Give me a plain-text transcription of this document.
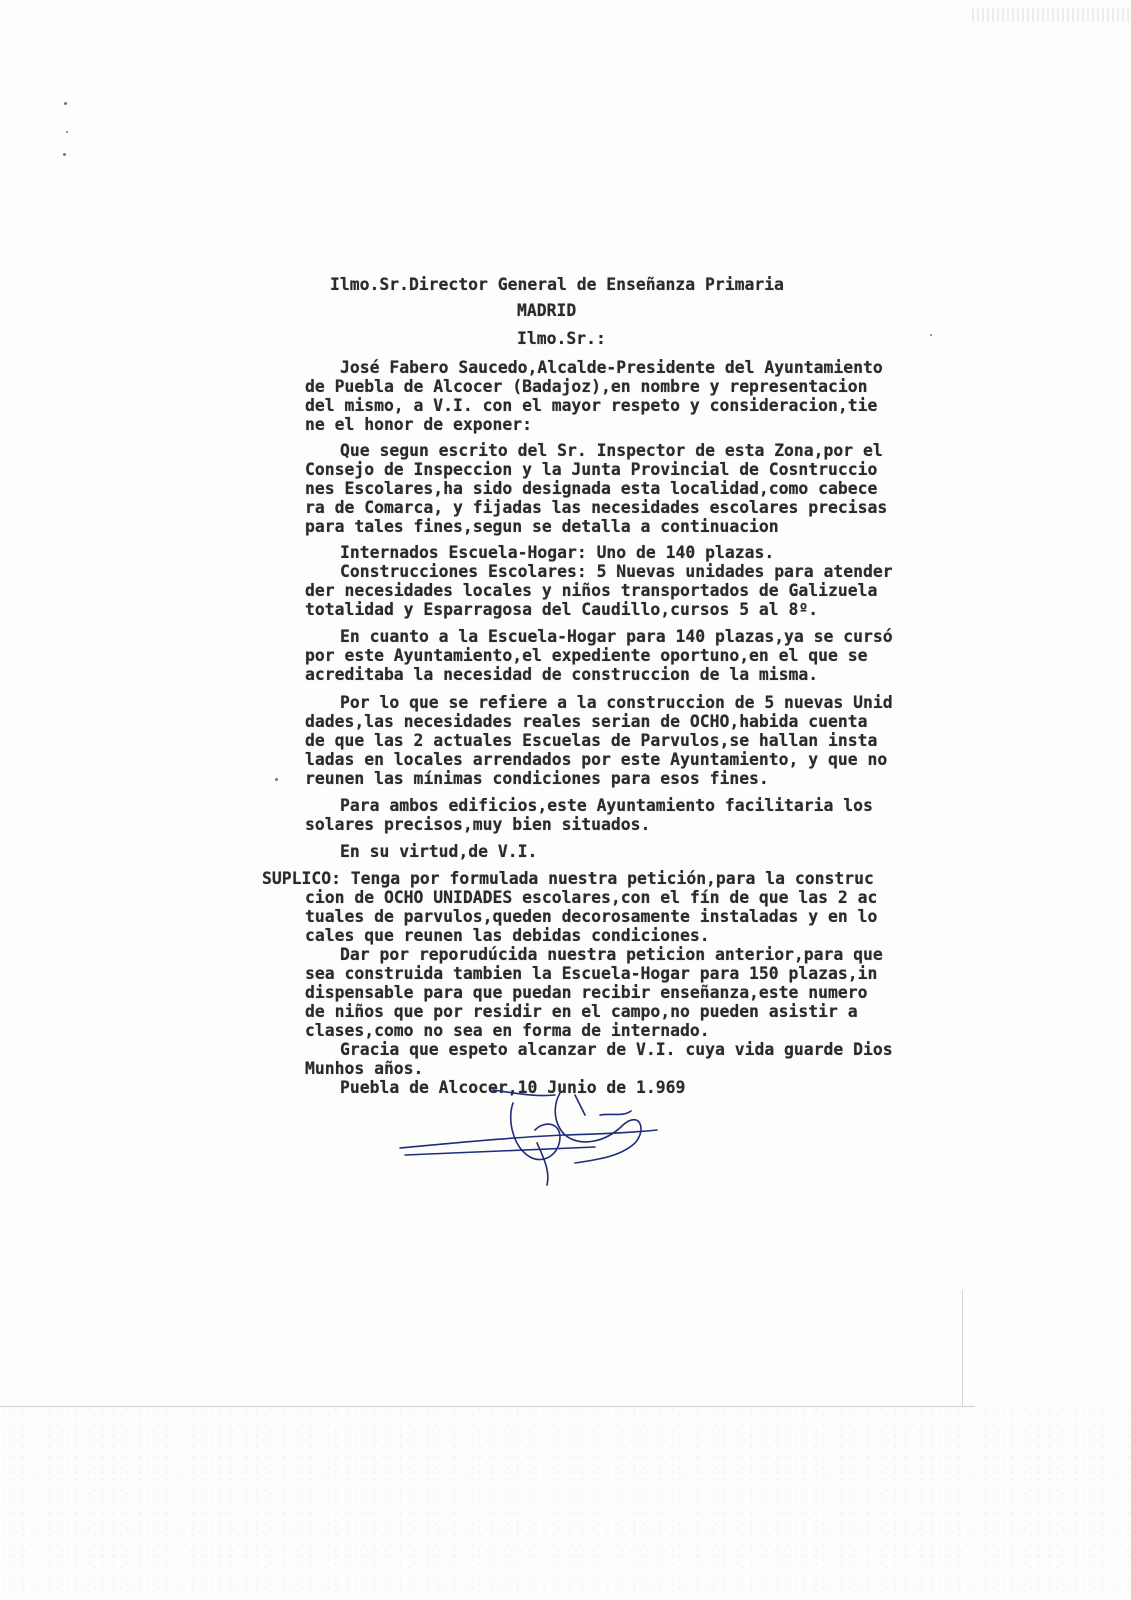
Ilmo.Sr.Director General de Enseñanza Primaria
MADRID
Ilmo.Sr.:
José Fabero Saucedo,Alcalde-Presidente del Ayuntamiento
de Puebla de Alcocer (Badajoz),en nombre y representacion
del mismo, a V.I. con el mayor respeto y consideracion,tie
ne el honor de exponer:
Que segun escrito del Sr. Inspector de esta Zona,por el
Consejo de Inspeccion y la Junta Provincial de Cosntruccio
nes Escolares,ha sido designada esta localidad,como cabece
ra de Comarca, y fijadas las necesidades escolares precisas
para tales fines,segun se detalla a continuacion
Internados Escuela-Hogar: Uno de 140 plazas.
Construcciones Escolares: 5 Nuevas unidades para atender
der necesidades locales y niños transportados de Galizuela
totalidad y Esparragosa del Caudillo,cursos 5 al 8º.
En cuanto a la Escuela-Hogar para 140 plazas,ya se cursó
por este Ayuntamiento,el expediente oportuno,en el que se
acreditaba la necesidad de construccion de la misma.
Por lo que se refiere a la construccion de 5 nuevas Unid
dades,las necesidades reales serian de OCHO,habida cuenta
de que las 2 actuales Escuelas de Parvulos,se hallan insta
ladas en locales arrendados por este Ayuntamiento, y que no
reunen las mínimas condiciones para esos fines.
Para ambos edificios,este Ayuntamiento facilitaria los
solares precisos,muy bien situados.
En su virtud,de V.I.
SUPLICO: Tenga por formulada nuestra petición,para la construc
cion de OCHO UNIDADES escolares,con el fín de que las 2 ac
tuales de parvulos,queden decorosamente instaladas y en lo
cales que reunen las debidas condiciones.
Dar por reporudúcida nuestra peticion anterior,para que
sea construida tambien la Escuela-Hogar para 150 plazas,in
dispensable para que puedan recibir enseñanza,este numero
de niños que por residir en el campo,no pueden asistir a
clases,como no sea en forma de internado.
Gracia que espeto alcanzar de V.I. cuya vida guarde Dios
Munhos años.
Puebla de Alcocer,10 Junio de 1.969
